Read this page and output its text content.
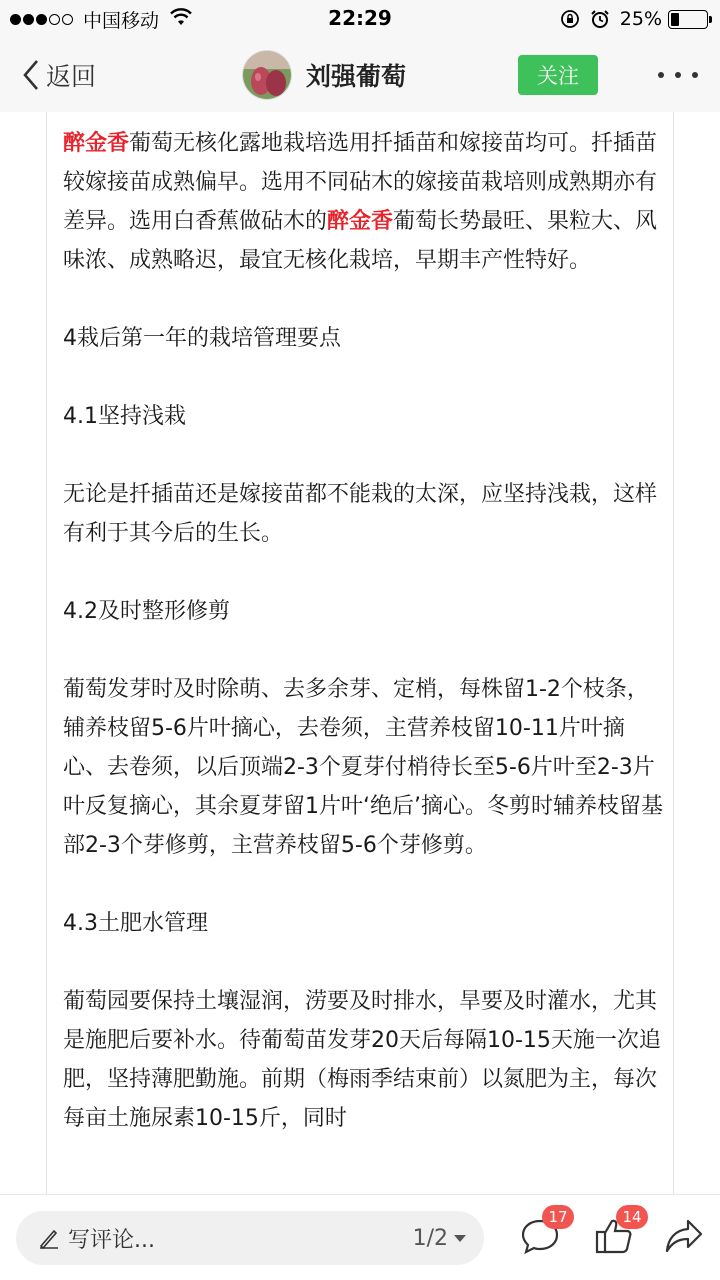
中国移动	22:29	25%
返回	刘强葡萄	关注

醉金香葡萄无核化露地栽培选用扦插苗和嫁接苗均可。扦插苗较嫁接苗成熟偏早。选用不同砧木的嫁接苗栽培则成熟期亦有差异。选用白香蕉做砧木的醉金香葡萄长势最旺、果粒大、风味浓、成熟略迟，最宜无核化栽培，早期丰产性特好。

4栽后第一年的栽培管理要点

4.1坚持浅栽

无论是扦插苗还是嫁接苗都不能栽的太深，应坚持浅栽，这样有利于其今后的生长。

4.2及时整形修剪

葡萄发芽时及时除萌、去多余芽、定梢，每株留1-2个枝条，辅养枝留5-6片叶摘心，去卷须，主营养枝留10-11片叶摘心、去卷须，以后顶端2-3个夏芽付梢待长至5-6片叶至2-3片叶反复摘心，其余夏芽留1片叶‘绝后’摘心。冬剪时辅养枝留基部2-3个芽修剪，主营养枝留5-6个芽修剪。

4.3土肥水管理

葡萄园要保持土壤湿润，涝要及时排水，旱要及时灌水，尤其是施肥后要补水。待葡萄苗发芽20天后每隔10-15天施一次追肥，坚持薄肥勤施。前期（梅雨季结束前）以氮肥为主，每次每亩土施尿素10-15斤，同时

写评论...	1/2
17	14
